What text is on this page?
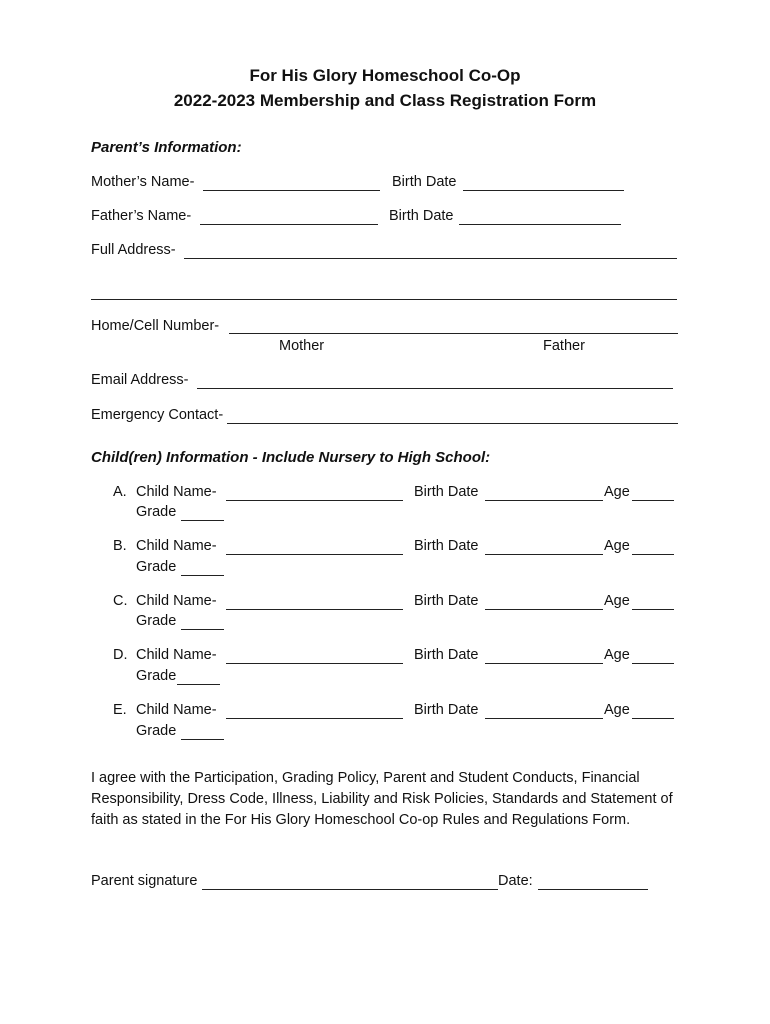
For His Glory Homeschool Co-Op
2022-2023 Membership and Class Registration Form
Parent’s Information:
Mother’s Name-	Birth Date
Father’s Name-	Birth Date
Full Address-
Home/Cell Number-
Mother	Father
Email Address-
Emergency Contact-
Child(ren) Information - Include Nursery to High School:
A. Child Name-	Birth Date	Age
Grade
B. Child Name-	Birth Date	Age
Grade
C. Child Name-	Birth Date	Age
Grade
D. Child Name-	Birth Date	Age
Grade
E. Child Name-	Birth Date	Age
Grade
I agree with the Participation, Grading Policy, Parent and Student Conducts, Financial Responsibility, Dress Code, Illness, Liability and Risk Policies, Standards and Statement of faith as stated in the For His Glory Homeschool Co-op Rules and Regulations Form.
Parent signature	Date:
